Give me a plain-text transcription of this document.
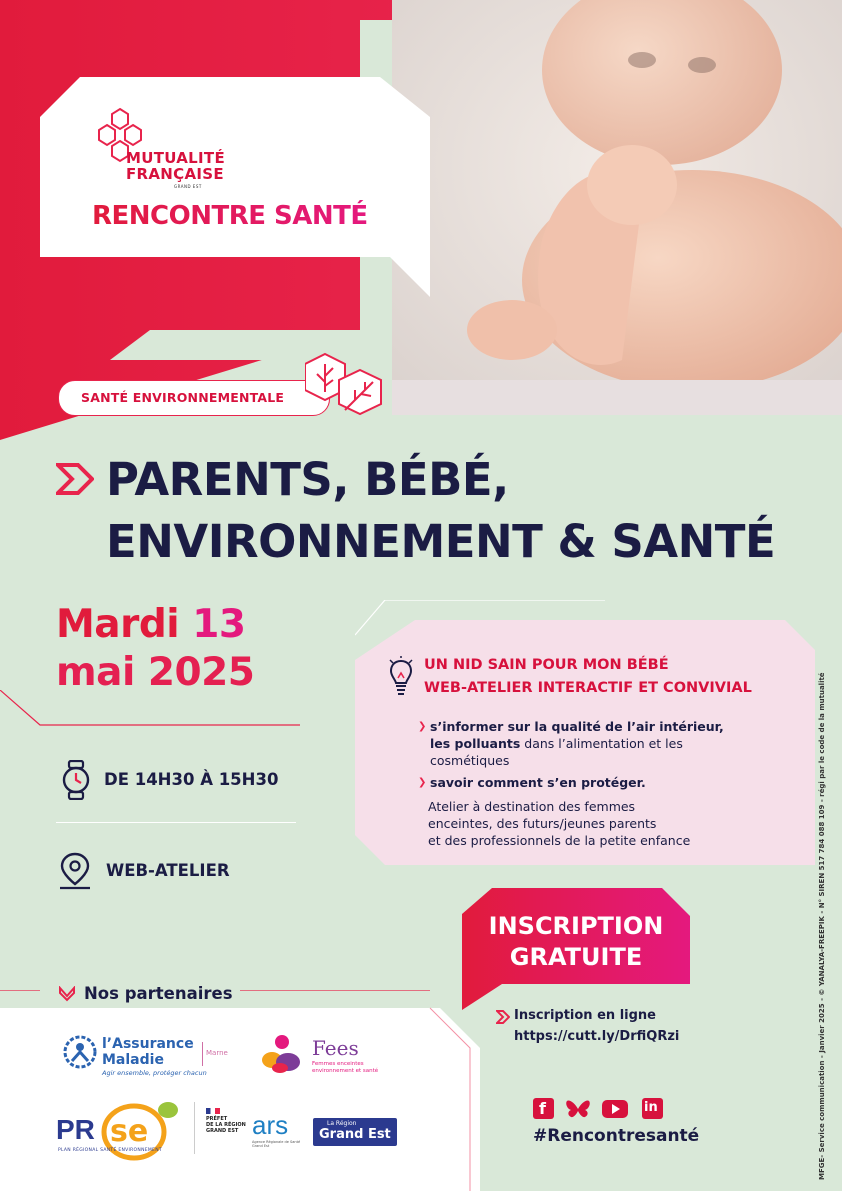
MUTUALITÉ
FRANÇAISE
GRAND EST
RENCONTRE SANTÉ
SANTÉ ENVIRONNEMENTALE
PARENTS, BÉBÉ,
ENVIRONNEMENT & SANTÉ
Mardi 13
mai 2025
DE 14H30 À 15H30
WEB-ATELIER
UN NID SAIN POUR MON BÉBÉ
WEB-ATELIER INTERACTIF ET CONVIVIAL
❯ s’informer sur la qualité de l’air intérieur,
les polluants dans l’alimentation et les
cosmétiques
❯ savoir comment s’en protéger.
Atelier à destination des femmes
enceintes, des futurs/jeunes parents
et des professionnels de la petite enfance
INSCRIPTION
GRATUITE
Inscription en ligne
https://cutt.ly/DrfiQRzi
Nos partenaires
l’Assurance
Maladie
Agir ensemble, protéger chacun
Marne	Fees
Femmes enceintes
environnement et santé
PR se
PLAN RÉGIONAL SANTÉ ENVIRONNEMENT
PRÉFET
DE LA RÉGION
GRAND EST ars
Agence Régionale de Santé Grand Est
La Région
Grand Est
f	in
#Rencontresanté	MFGE- Service communication - Janvier 2025 - © YANALYA-FREEPIK - N° SIREN 517 784 088 109 - régi par le code de la mutualité
